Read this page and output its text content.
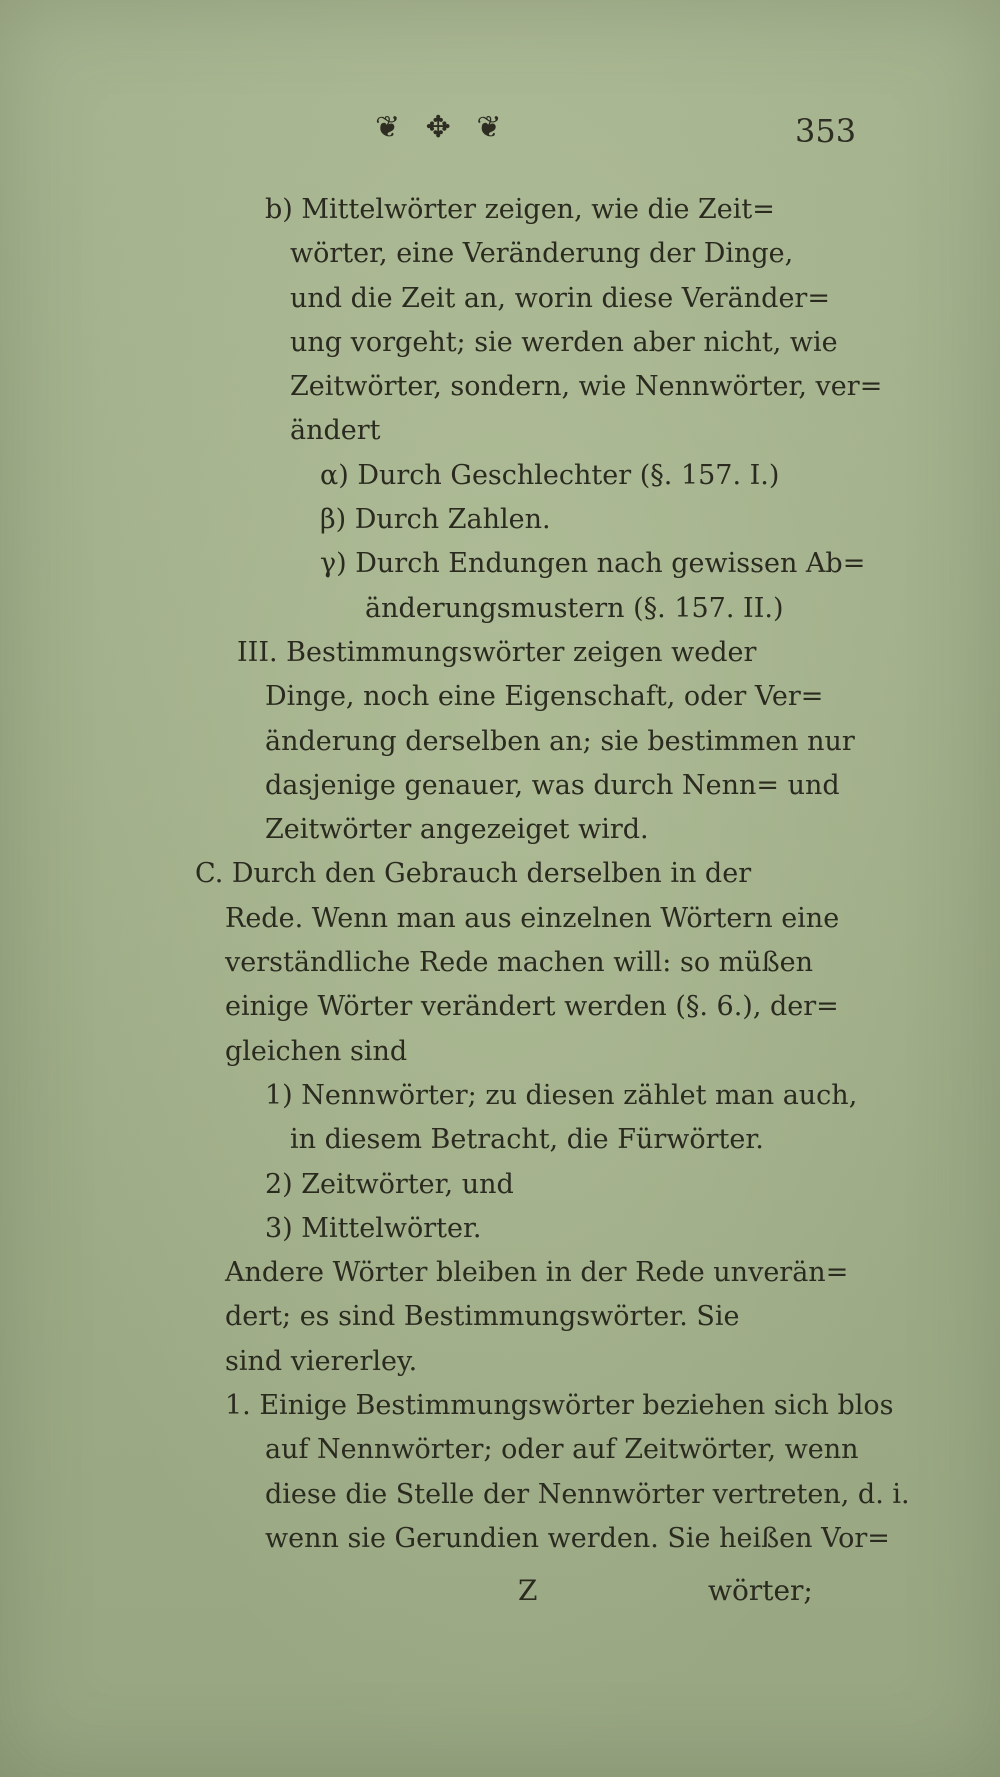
❦ ✥ ❦	353
b) Mittelwörter zeigen, wie die Zeit=
wörter, eine Veränderung der Dinge,
und die Zeit an, worin diese Veränder=
ung vorgeht; sie werden aber nicht, wie
Zeitwörter, sondern, wie Nennwörter, ver=
ändert
α) Durch Geschlechter (§. 157. I.)
β) Durch Zahlen.
γ) Durch Endungen nach gewissen Ab=
änderungsmustern (§. 157. II.)
III. Bestimmungswörter zeigen weder
Dinge, noch eine Eigenschaft, oder Ver=
änderung derselben an; sie bestimmen nur
dasjenige genauer, was durch Nenn= und
Zeitwörter angezeiget wird.
C. Durch den Gebrauch derselben in der
Rede. Wenn man aus einzelnen Wörtern eine
verständliche Rede machen will: so müßen
einige Wörter verändert werden (§. 6.), der=
gleichen sind
1) Nennwörter; zu diesen zählet man auch,
in diesem Betracht, die Fürwörter.
2) Zeitwörter, und
3) Mittelwörter.
Andere Wörter bleiben in der Rede unverän=
dert; es sind Bestimmungswörter. Sie
sind viererley.
1. Einige Bestimmungswörter beziehen sich blos
auf Nennwörter; oder auf Zeitwörter, wenn
diese die Stelle der Nennwörter vertreten, d. i.
wenn sie Gerundien werden. Sie heißen Vor=
Z	wörter;
